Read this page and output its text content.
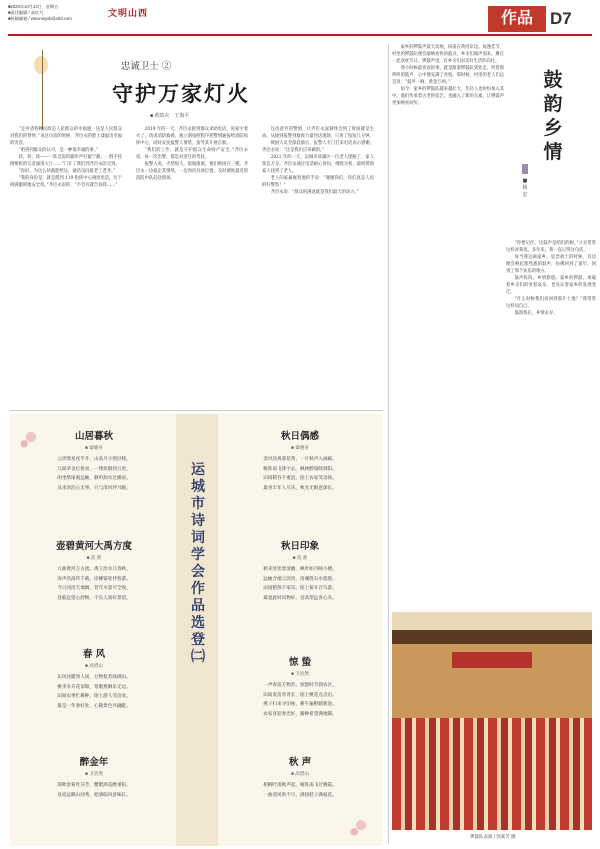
■2023年10月13日　星期五
■责任编辑 / 高红月
■投稿邮箱 / wmxmsyxb@163.com	文明山西	作品	D7
忠诚卫士 ②
守护万家灯火
■ 黄幼衣　王海平

“走申请特种民政是人民群众的幸福感，送是人民群众对我们的赞誉。”说这句话的时候，齐臣永的脸上漾溢出幸福的笑容。

“咱得到群众的认可，是一种很幸福的事。”

转，转，转——一阵急促的脚步声打破宁静。一群手持摄像机的记者涌进大厅……“门开了我们到齐臣永的交到。

“你好，为这么快就能给这，通话员问最老了老齐。”

“我的身份是，就是派到 119 指挥中心调度电话，位于刑满服刑地安全机。”齐臣永说的，“不会有就告诉我……”

2019 年的一天，齐臣永接到群众求助电话，说家中着火了，请求消防救援。他立刻按照程序把警情通报给消防指挥中心，同时安抚报警人情绪，指导其开展自救。

“我们的工作，就是守护群众生命财产安全。”齐臣永说，每一次出警，都是对责任的考验。

报警人说，火势很大，浓烟滚滚，他们被困在三楼。齐臣永一边稳定其情绪，一边询问具体位置，及时调度最近的消防中队赶赴现场。

这次意外的警情，让齐臣永深刻体会到了时间就是生命。从接到报警到救援力量到达现场，只用了短短几分钟。

被困人员全部获救后，报警人专门打来电话表示感谢。齐臣永说：“这是我们应该做的。”

2021 年的一天，运城市盐湖区一位老人迷路了，家人焦急万分。齐臣永通过电话耐心询问，细致分析，最终帮助家人找到了老人。

老人的家属握着他的手说：“谢谢你们，你们真是人民的好警察！”

齐臣永说：“群众的满意就是我们最大的动力。”

运城市诗词学会作品选登㈡
山居暮秋
■ 秦晓舟
云淡寒星夜半升，山高月小照层棱。
几间茅舍灯犹亮，一缕炊烟到五更。
闲坐柴扉观远岫，静听涧水过幽泉。
从来淡泊心无事，只与清风伴月眠。
秋日偶感
■ 秦晓舟
金风送爽菊花黄，一片秋声入画廊。
雁阵南飞排字去，枫林醉染映斜阳。
田间稻谷千重浪，陌上农家笑语扬。
最喜丰年人尽乐，秋光无限意深长。
壶碧黄河大禹方度
■ 雷 蕾
九曲黄河万古流，禹王治水几春秋。
涛声浩荡传千载，岸柳婆娑伴客游。
今日河清天地阔，昔年水患尽全收。
登临远望心舒畅，不负人间好景留。
秋日印象
■ 雷 蕾
秋来处处景清幽，枫叶如丹映小楼。
远岫含烟云淡淡，清溪绕石水悠悠。
田园稻熟千家乐，陌上菊开百鸟游。
最爱此时风物好，登高望远喜心头。
春 风
■ 高惜山
东风送暖到人间，万物复苏绿满山。
桃李争开花似锦，莺歌燕舞乐无边。
田间农事忙耕种，陌上游人笑语欢。
最是一年春好处，心随景色共翩跹。
惊 蛰
■ 卫浩然
一声春雷万物苏，惊蛰时节润农区。
田间麦苗青青长，陌上桃花点点出。
燕子归来寻旧垒，耕牛遍野踏新途。
农家喜迎春光好，播种希望满地铺。
醉金年
■ 卫浩然
深秋金菊吐芬芳，蟹肥酒美醉重阳。
登高远眺山河秀，把酒临风意味长。
秋 声
■ 高惜山
梧桐叶落秋声起，雁阵南飞过晚霞。
一曲清风吹不尽，满园桂子满枝花。

家乡的锣鼓声震天动地，回荡在黄河岸边。每逢佳节，村里的锣鼓队便会敲响欢快的鼓点，乡亲们闻声而来，聚在一起欢度节日。锣鼓声里，有乡亲们对美好生活的向往。

我小时候最喜欢的事，就是跟着锣鼓队到处走。听着那咚咚的鼓声，心中便充满了喜悦。那时候，村里的老人们总是说：“鼓声一响，黄金万两。”

如今，家乡的锣鼓队越来越壮大，年轻人也纷纷加入其中。他们传承着古老的技艺，也融入了新的元素，让锣鼓声更加响亮动听。

鼓韵乡情
■ 杨 宏

“你要记住，这鼓声是咱们的根。”父亲常常这样对我说。多年来，我一直记得这句话。

每当我远离家乡，思念故土的时候，耳边便会响起那熟悉的鼓声，仿佛回到了童年，回到了那个欢乐的地方。

鼓声阵阵，乡情悠悠。家乡的锣鼓，承载着乡亲们的喜怒哀乐，也见证着家乡的发展变迁。

“什么时候我们再回到那片土地？”我常常这样问自己。

鼓韵悠长，乡情永存。

锣鼓队表演 / 郭素芳 摄
